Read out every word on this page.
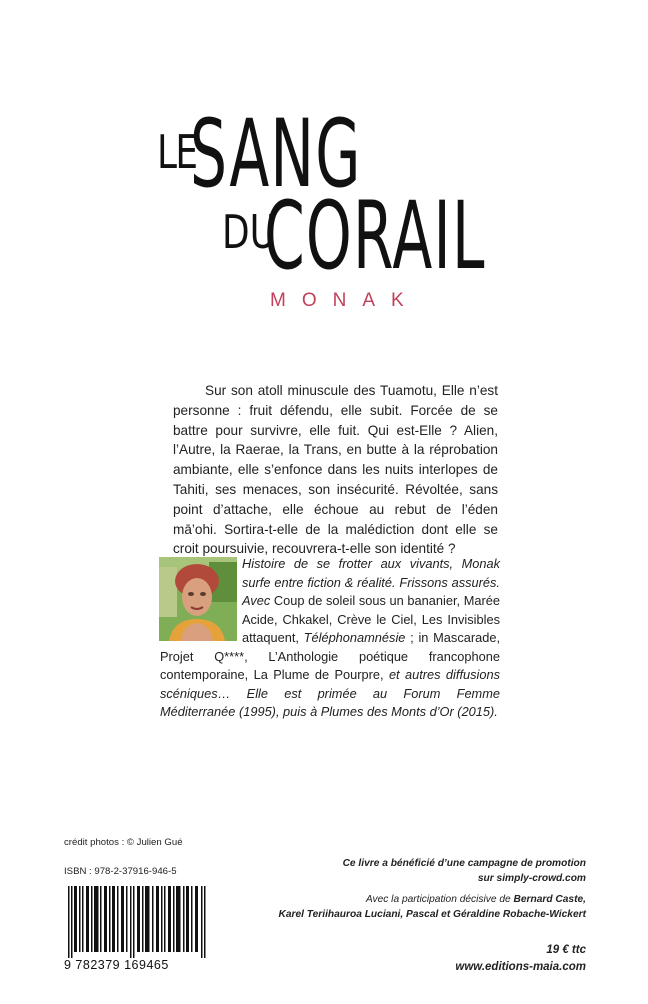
LE
SANG
DU
CORAIL
MONAK

Sur son atoll minuscule des Tuamotu, Elle n’est personne : fruit défendu, elle subit. Forcée de se battre pour survivre, elle fuit. Qui est-Elle ? Alien, l’Autre, la Raerae, la Trans, en butte à la réprobation ambiante, elle s’enfonce dans les nuits interlopes de Tahiti, ses menaces, son insécurité. Révoltée, sans point d’attache, elle échoue au rebut de l’éden mā’ohi. Sortira-t-elle de la malédiction dont elle se croit poursuivie, recouvrera-t-elle son identité ?

Histoire de se frotter aux vivants, Monak surfe entre fiction & réalité. Frissons assurés. Avec Coup de soleil sous un bananier, Marée Acide, Chkakel, Crève le Ciel, Les Invisibles attaquent, Téléphonamnésie ; in Mascarade, Projet Q****, L’Anthologie poétique francophone contemporaine, La Plume de Pourpre, et autres diffusions scéniques… Elle est primée au Forum Femme Méditerranée (1995), puis à Plumes des Monts d’Or (2015).
crédit photos : © Julien Gué
ISBN : 978-2-37916-946-5
9 782379 169465
Ce livre a bénéficié d’une campagne de promotion
sur simply-crowd.com
Avec la participation décisive de Bernard Caste,
Karel Teriihauroa Luciani, Pascal et Géraldine Robache-Wickert
19 € ttc
www.editions-maia.com
